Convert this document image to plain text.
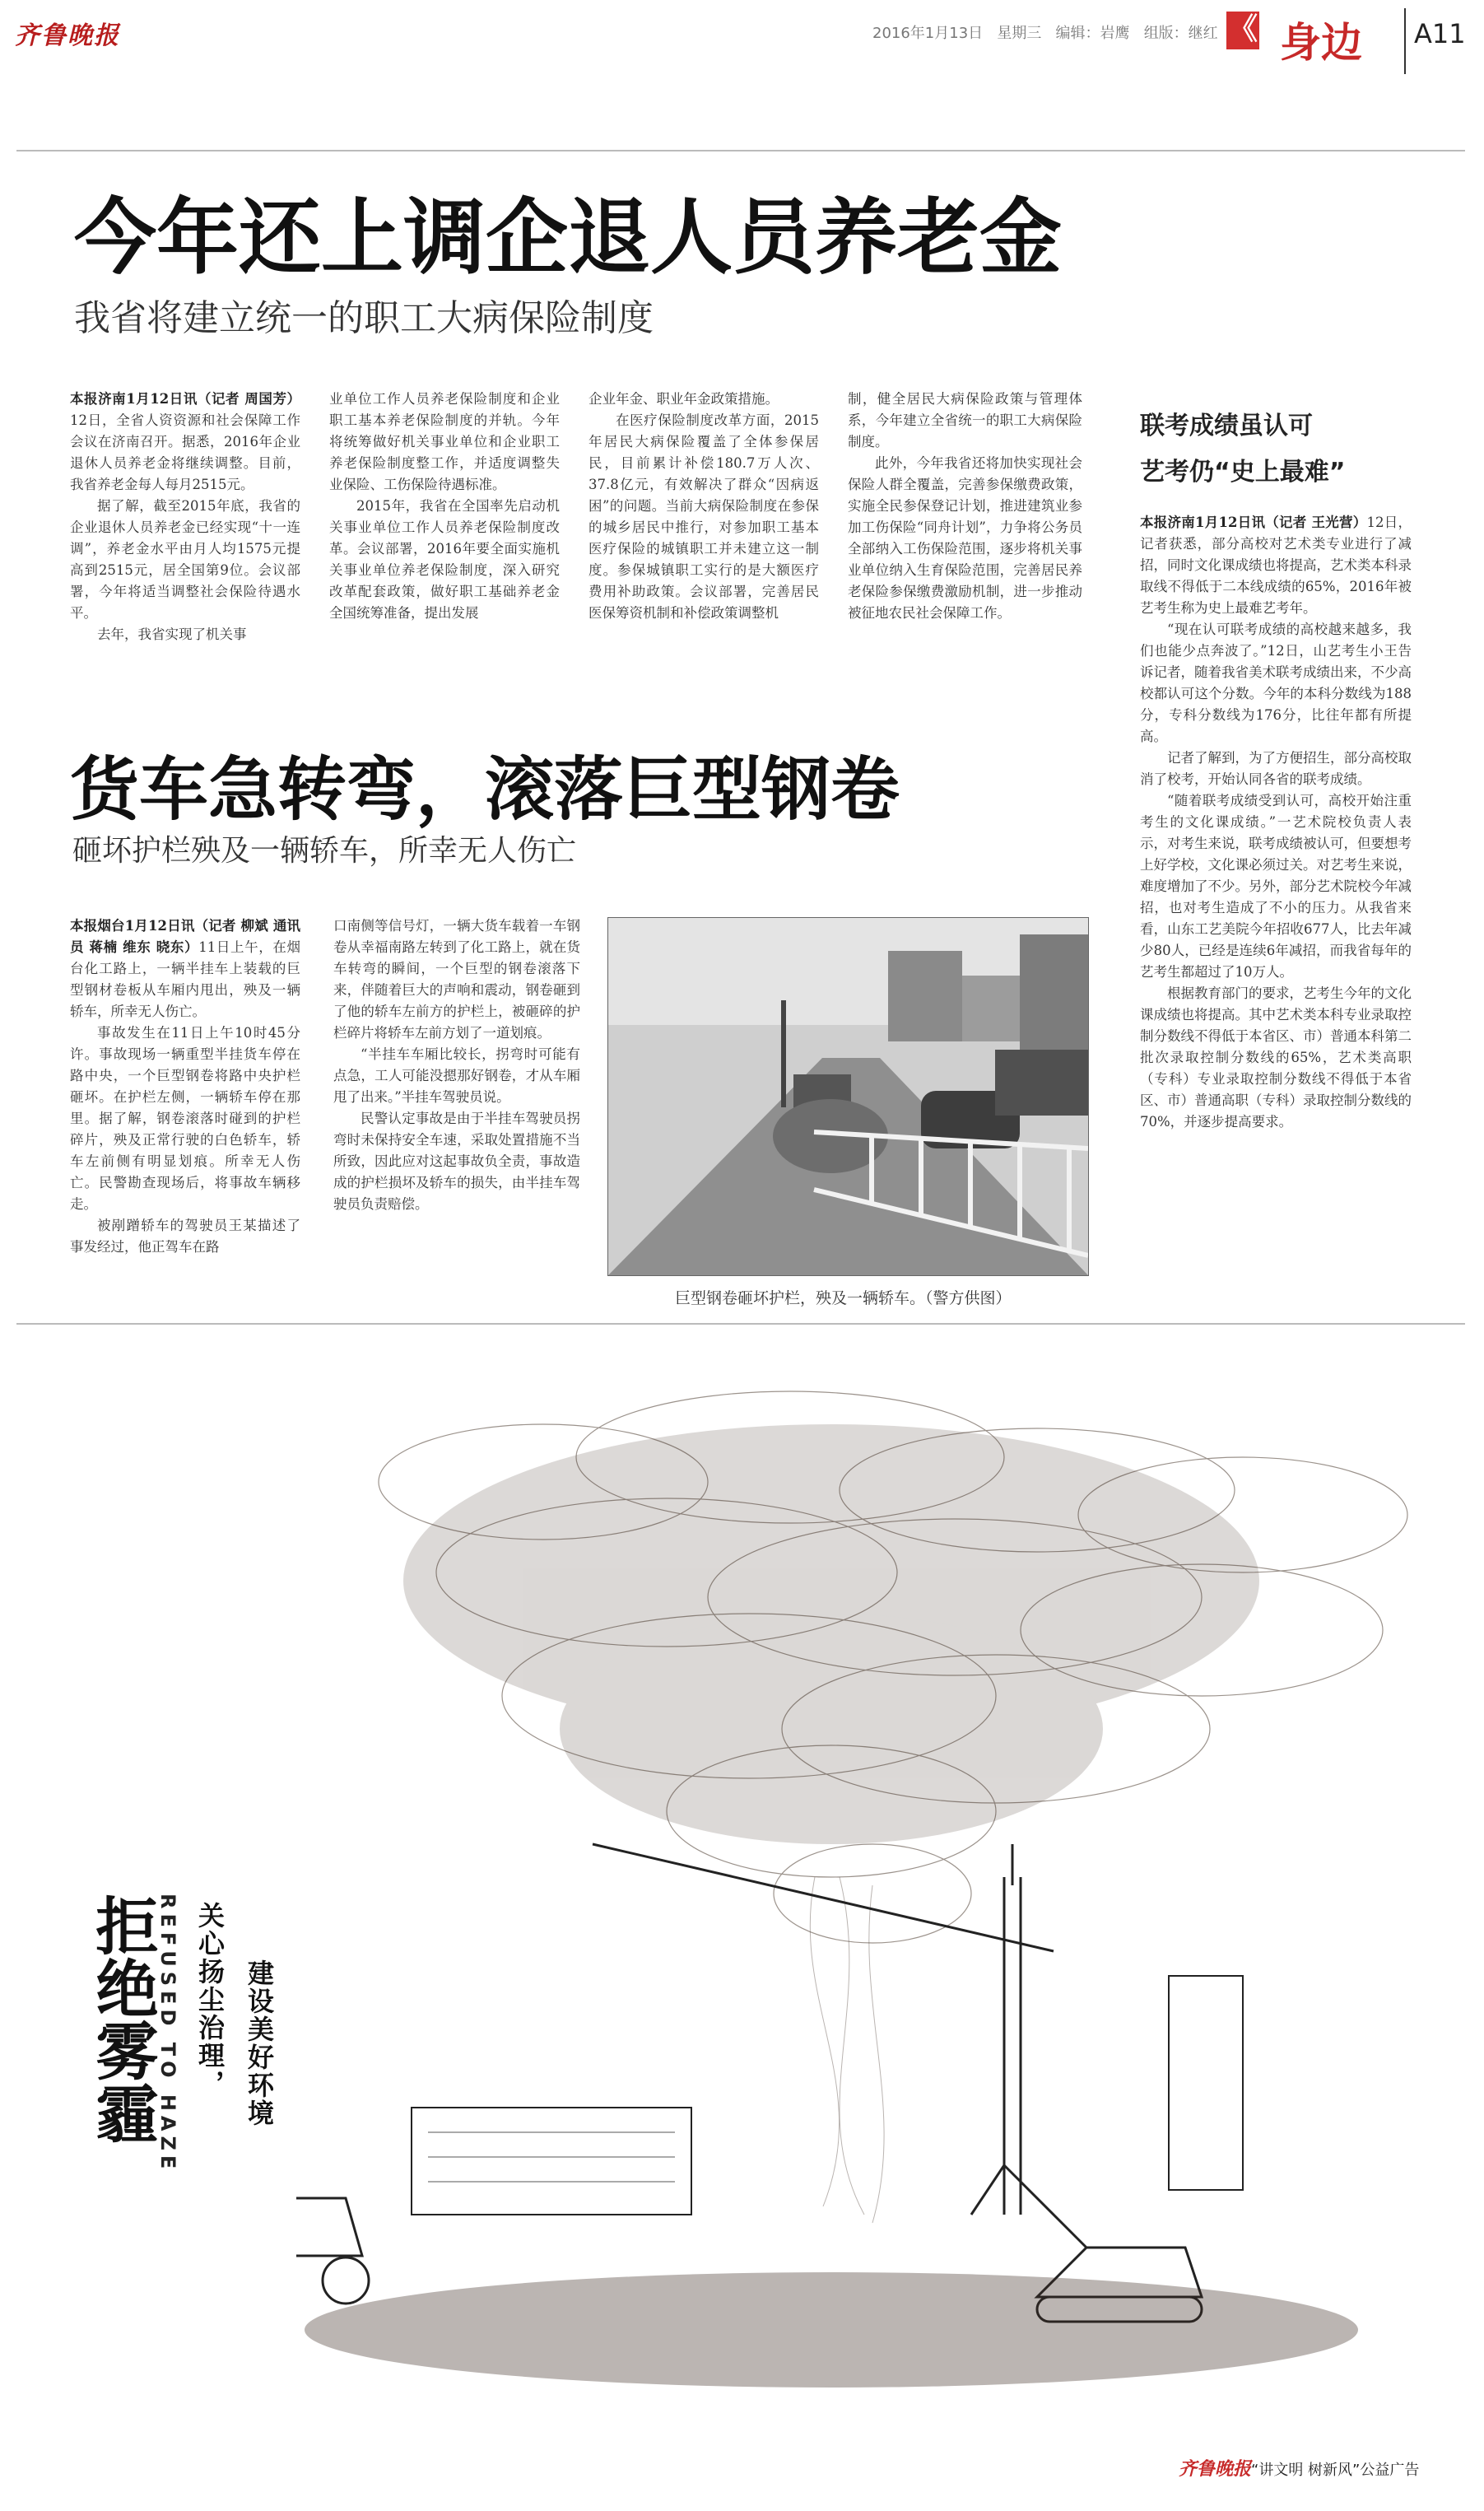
齐鲁晚报	2016年1月13日 星期三 编辑：岩鹰 组版：继红 《 身边 A11
今年还上调企退人员养老金
我省将建立统一的职工大病保险制度

本报济南1月12日讯（记者 周国芳）12日，全省人资资源和社会保障工作会议在济南召开。据悉，2016年企业退休人员养老金将继续调整。目前，我省养老金每人每月2515元。

据了解，截至2015年底，我省的企业退休人员养老金已经实现“十一连调”，养老金水平由月人均1575元提高到2515元，居全国第9位。会议部署，今年将适当调整社会保险待遇水平。

去年，我省实现了机关事

业单位工作人员养老保险制度和企业职工基本养老保险制度的并轨。今年将统筹做好机关事业单位和企业职工养老保险制度整工作，并适度调整失业保险、工伤保险待遇标准。

2015年，我省在全国率先启动机关事业单位工作人员养老保险制度改革。会议部署，2016年要全面实施机关事业单位养老保险制度，深入研究改革配套政策，做好职工基础养老金全国统筹准备，提出发展

企业年金、职业年金政策措施。

在医疗保险制度改革方面，2015年居民大病保险覆盖了全体参保居民，目前累计补偿180.7万人次、37.8亿元，有效解决了群众“因病返困”的问题。当前大病保险制度在参保的城乡居民中推行，对参加职工基本医疗保险的城镇职工并未建立这一制度。参保城镇职工实行的是大额医疗费用补助政策。会议部署，完善居民医保筹资机制和补偿政策调整机

制，健全居民大病保险政策与管理体系，今年建立全省统一的职工大病保险制度。

此外，今年我省还将加快实现社会保险人群全覆盖，完善参保缴费政策，实施全民参保登记计划，推进建筑业参加工伤保险“同舟计划”，力争将公务员全部纳入工伤保险范围，逐步将机关事业单位纳入生育保险范围，完善居民养老保险参保缴费激励机制，进一步推动被征地农民社会保障工作。

货车急转弯，滚落巨型钢卷
砸坏护栏殃及一辆轿车，所幸无人伤亡

本报烟台1月12日讯（记者 柳斌 通讯员 蒋楠 维东 晓东）11日上午，在烟台化工路上，一辆半挂车上装载的巨型钢材卷板从车厢内甩出，殃及一辆轿车，所幸无人伤亡。

事故发生在11日上午10时45分许。事故现场一辆重型半挂货车停在路中央，一个巨型钢卷将路中央护栏砸坏。在护栏左侧，一辆轿车停在那里。据了解，钢卷滚落时碰到的护栏碎片，殃及正常行驶的白色轿车，轿车左前侧有明显划痕。所幸无人伤亡。民警勘查现场后，将事故车辆移走。

被剐蹭轿车的驾驶员王某描述了事发经过，他正驾车在路

口南侧等信号灯，一辆大货车载着一车钢卷从幸福南路左转到了化工路上，就在货车转弯的瞬间，一个巨型的钢卷滚落下来，伴随着巨大的声响和震动，钢卷砸到了他的轿车左前方的护栏上，被砸碎的护栏碎片将轿车左前方划了一道划痕。

“半挂车车厢比较长，拐弯时可能有点急，工人可能没摁那好钢卷，才从车厢甩了出来。”半挂车驾驶员说。

民警认定事故是由于半挂车驾驶员拐弯时未保持安全车速，采取处置措施不当所致，因此应对这起事故负全责，事故造成的护栏损坏及轿车的损失，由半挂车驾驶员负责赔偿。

巨型钢卷砸坏护栏，殃及一辆轿车。（警方供图）
联考成绩虽认可
艺考仍“史上最难”

本报济南1月12日讯（记者 王光营）12日，记者获悉，部分高校对艺术类专业进行了减招，同时文化课成绩也将提高，艺术类本科录取线不得低于二本线成绩的65%，2016年被艺考生称为史上最难艺考年。

“现在认可联考成绩的高校越来越多，我们也能少点奔波了。”12日，山艺考生小王告诉记者，随着我省美术联考成绩出来，不少高校都认可这个分数。今年的本科分数线为188分，专科分数线为176分，比往年都有所提高。

记者了解到，为了方便招生，部分高校取消了校考，开始认同各省的联考成绩。

“随着联考成绩受到认可，高校开始注重考生的文化课成绩。”一艺术院校负责人表示，对考生来说，联考成绩被认可，但要想考上好学校，文化课必须过关。对艺考生来说，难度增加了不少。另外，部分艺术院校今年减招，也对考生造成了不小的压力。从我省来看，山东工艺美院今年招收677人，比去年减少80人，已经是连续6年减招，而我省每年的艺考生都超过了10万人。

根据教育部门的要求，艺考生今年的文化课成绩也将提高。其中艺术类本科专业录取控制分数线不得低于本省区、市）普通本科第二批次录取控制分数线的65%，艺术类高职（专科）专业录取控制分数线不得低于本省区、市）普通高职（专科）录取控制分数线的70%，并逐步提高要求。

拒绝雾霾
REFUSED TO HAZE 关心扬尘治理， 建设美好环境
齐鲁晚报 “讲文明 树新风”公益广告
